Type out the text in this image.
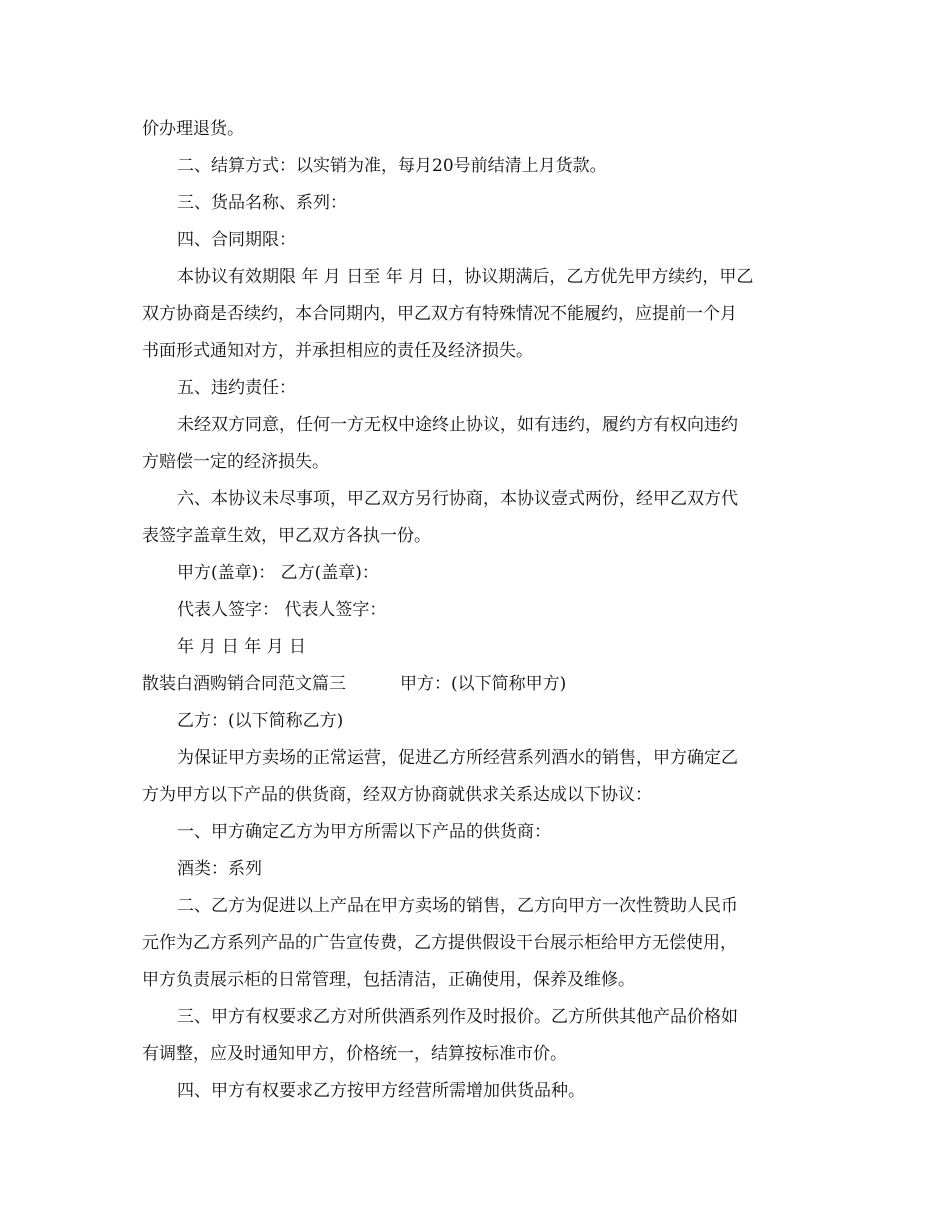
价办理退货。
二、结算方式：以实销为准，每月20号前结清上月货款。
三、货品名称、系列：
四、合同期限：
本协议有效期限 年 月 日至 年 月 日，协议期满后，乙方优先甲方续约，甲乙
双方协商是否续约，本合同期内，甲乙双方有特殊情况不能履约，应提前一个月
书面形式通知对方，并承担相应的责任及经济损失。
五、违约责任：
未经双方同意，任何一方无权中途终止协议，如有违约，履约方有权向违约
方赔偿一定的经济损失。
六、本协议未尽事项，甲乙双方另行协商，本协议壹式两份，经甲乙双方代
表签字盖章生效，甲乙双方各执一份。
甲方(盖章)： 乙方(盖章)：
代表人签字： 代表人签字：
年 月 日 年 月 日
散装白酒购销合同范文篇三	甲方：(以下简称甲方)
乙方：(以下简称乙方)
为保证甲方卖场的正常运营，促进乙方所经营系列酒水的销售，甲方确定乙
方为甲方以下产品的供货商，经双方协商就供求关系达成以下协议：
一、甲方确定乙方为甲方所需以下产品的供货商：
酒类：系列
二、乙方为促进以上产品在甲方卖场的销售，乙方向甲方一次性赞助人民币
元作为乙方系列产品的广告宣传费，乙方提供假设干台展示柜给甲方无偿使用，
甲方负责展示柜的日常管理，包括清洁，正确使用，保养及维修。
三、甲方有权要求乙方对所供酒系列作及时报价。乙方所供其他产品价格如
有调整，应及时通知甲方，价格统一，结算按标准市价。
四、甲方有权要求乙方按甲方经营所需增加供货品种。
